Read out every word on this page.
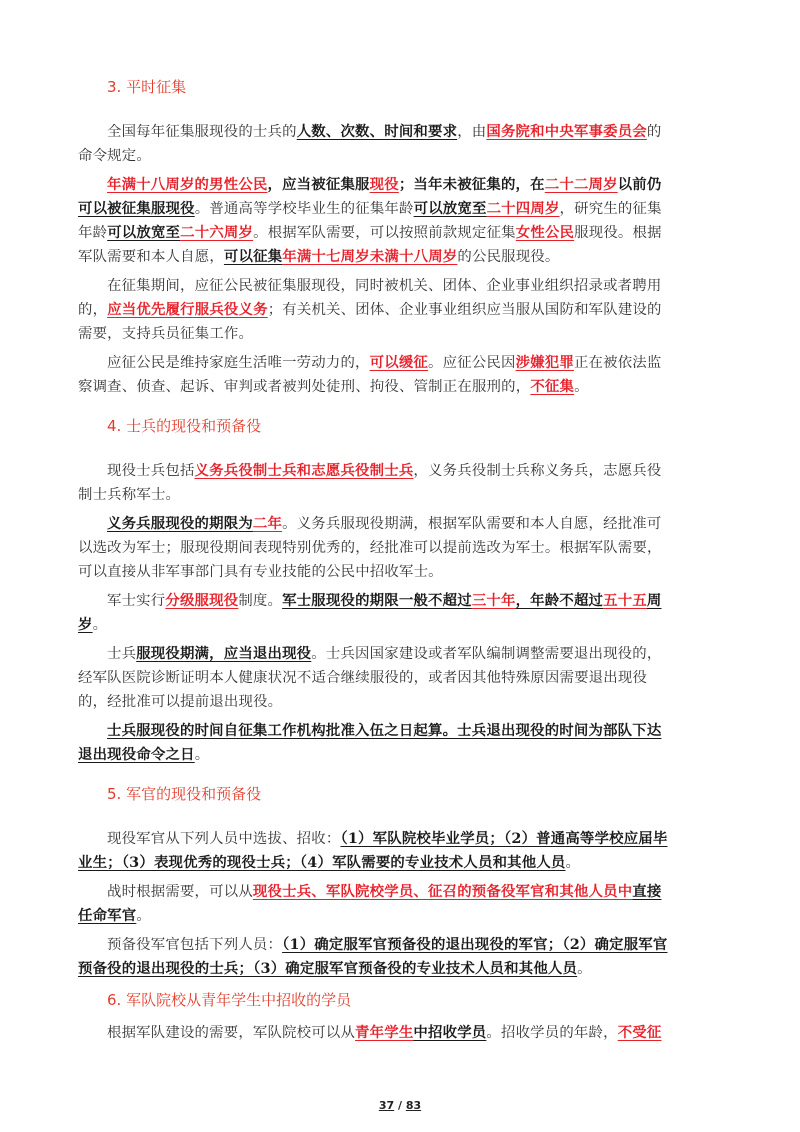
3. 平时征集
全国每年征集服现役的士兵的人数、次数、时间和要求，由国务院和中央军事委员会的
命令规定。
年满十八周岁的男性公民，应当被征集服现役；当年未被征集的，在二十二周岁以前仍
可以被征集服现役。普通高等学校毕业生的征集年龄可以放宽至二十四周岁，研究生的征集
年龄可以放宽至二十六周岁。根据军队需要，可以按照前款规定征集女性公民服现役。根据
军队需要和本人自愿，可以征集年满十七周岁未满十八周岁的公民服现役。
在征集期间，应征公民被征集服现役，同时被机关、团体、企业事业组织招录或者聘用
的，应当优先履行服兵役义务；有关机关、团体、企业事业组织应当服从国防和军队建设的
需要，支持兵员征集工作。
应征公民是维持家庭生活唯一劳动力的，可以缓征。应征公民因涉嫌犯罪正在被依法监
察调查、侦查、起诉、审判或者被判处徒刑、拘役、管制正在服刑的，不征集。
4. 士兵的现役和预备役
现役士兵包括义务兵役制士兵和志愿兵役制士兵，义务兵役制士兵称义务兵，志愿兵役
制士兵称军士。
义务兵服现役的期限为二年。义务兵服现役期满，根据军队需要和本人自愿，经批准可
以选改为军士；服现役期间表现特别优秀的，经批准可以提前选改为军士。根据军队需要，
可以直接从非军事部门具有专业技能的公民中招收军士。
军士实行分级服现役制度。军士服现役的期限一般不超过三十年，年龄不超过五十五周
岁。
士兵服现役期满，应当退出现役。士兵因国家建设或者军队编制调整需要退出现役的，
经军队医院诊断证明本人健康状况不适合继续服役的，或者因其他特殊原因需要退出现役
的，经批准可以提前退出现役。
士兵服现役的时间自征集工作机构批准入伍之日起算。士兵退出现役的时间为部队下达
退出现役命令之日。
5. 军官的现役和预备役
现役军官从下列人员中选拔、招收：（1）军队院校毕业学员；（2）普通高等学校应届毕
业生；（3）表现优秀的现役士兵；（4）军队需要的专业技术人员和其他人员。
战时根据需要，可以从现役士兵、军队院校学员、征召的预备役军官和其他人员中直接
任命军官。
预备役军官包括下列人员：（1）确定服军官预备役的退出现役的军官；（2）确定服军官
预备役的退出现役的士兵；（3）确定服军官预备役的专业技术人员和其他人员。
6. 军队院校从青年学生中招收的学员
根据军队建设的需要，军队院校可以从青年学生中招收学员。招收学员的年龄，不受征
37 / 83
